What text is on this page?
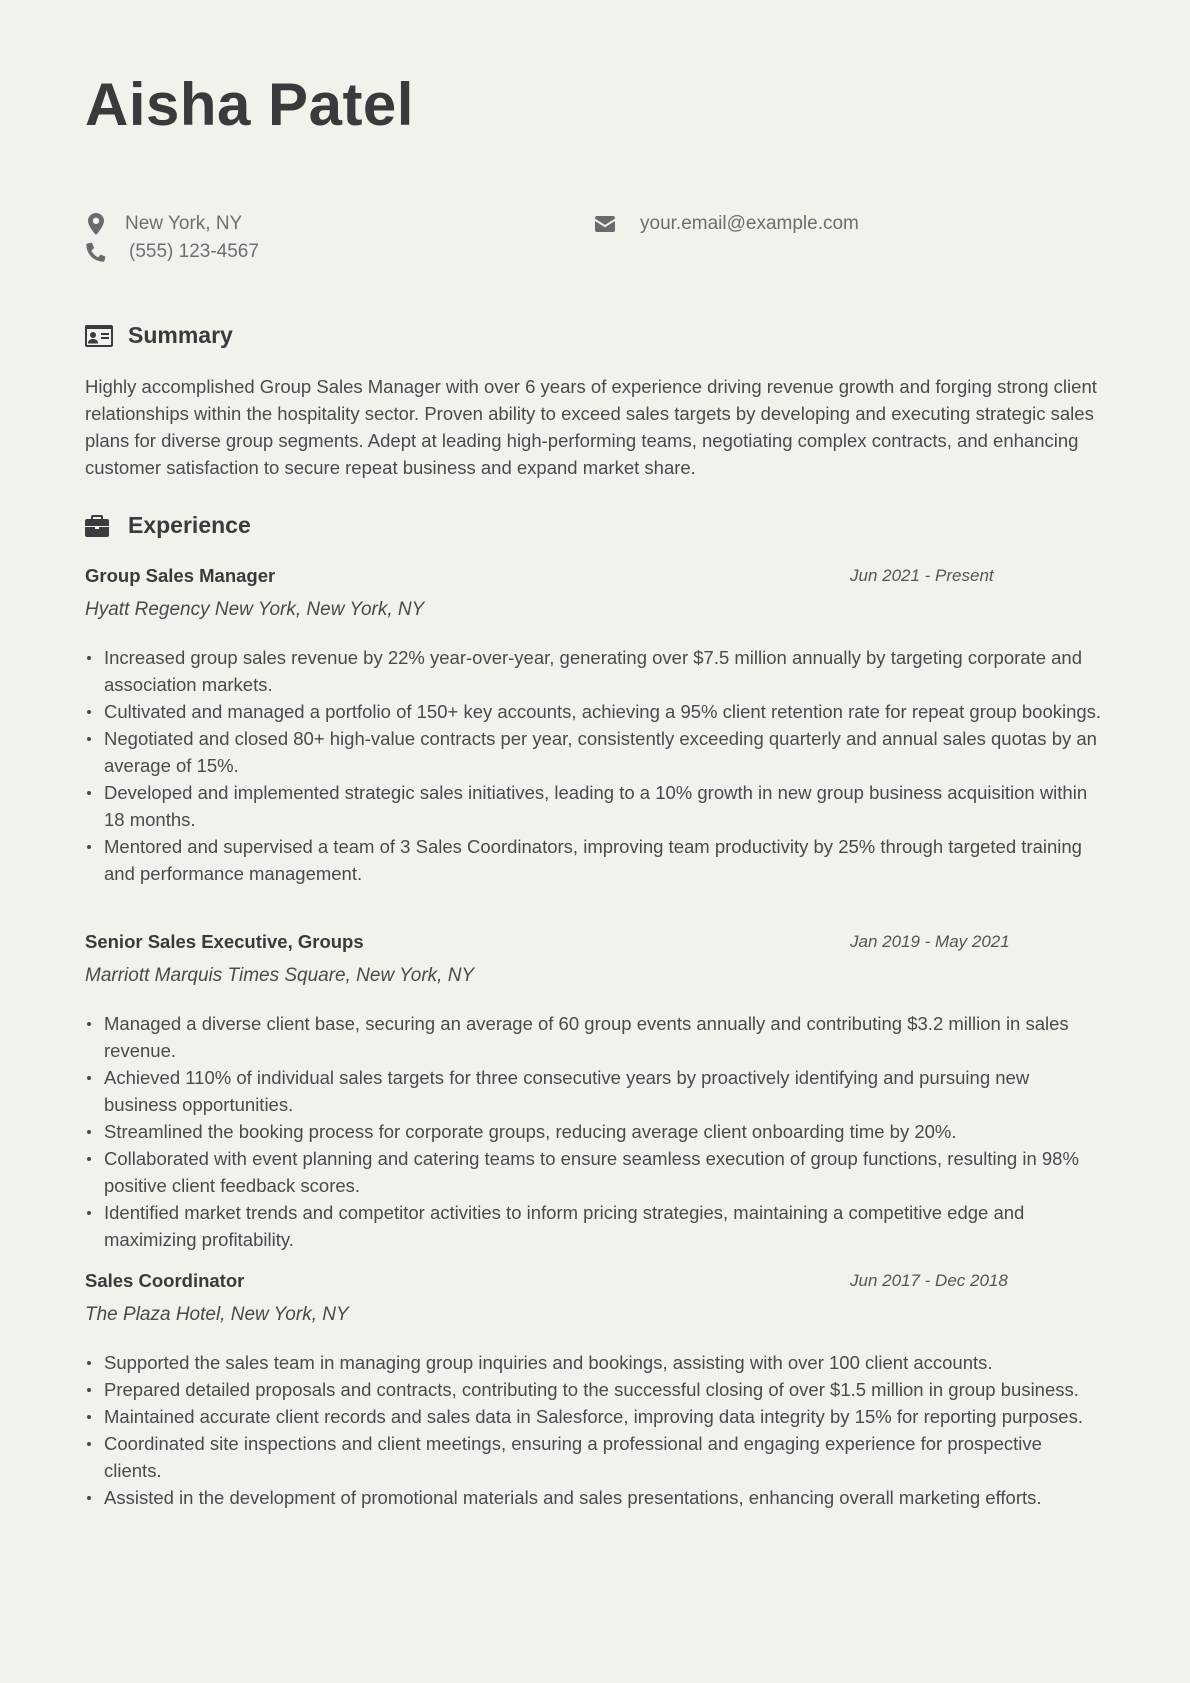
Aisha Patel
New York, NY
(555) 123-4567
your.email@example.com
Summary

Highly accomplished Group Sales Manager with over 6 years of experience driving revenue growth and forging strong client relationships within the hospitality sector. Proven ability to exceed sales targets by developing and executing strategic sales plans for diverse group segments. Adept at leading high-performing teams, negotiating complex contracts, and enhancing customer satisfaction to secure repeat business and expand market share.

Experience
Group Sales Manager	Jun 2021 - Present
Hyatt Regency New York, New York, NY
Increased group sales revenue by 22% year-over-year, generating over $7.5 million annually by targeting corporate and association markets.
Cultivated and managed a portfolio of 150+ key accounts, achieving a 95% client retention rate for repeat group bookings.
Negotiated and closed 80+ high-value contracts per year, consistently exceeding quarterly and annual sales quotas by an average of 15%.
Developed and implemented strategic sales initiatives, leading to a 10% growth in new group business acquisition within 18 months.
Mentored and supervised a team of 3 Sales Coordinators, improving team productivity by 25% through targeted training and performance management.
Senior Sales Executive, Groups	Jan 2019 - May 2021
Marriott Marquis Times Square, New York, NY
Managed a diverse client base, securing an average of 60 group events annually and contributing $3.2 million in sales revenue.
Achieved 110% of individual sales targets for three consecutive years by proactively identifying and pursuing new business opportunities.
Streamlined the booking process for corporate groups, reducing average client onboarding time by 20%.
Collaborated with event planning and catering teams to ensure seamless execution of group functions, resulting in 98% positive client feedback scores.
Identified market trends and competitor activities to inform pricing strategies, maintaining a competitive edge and maximizing profitability.
Sales Coordinator	Jun 2017 - Dec 2018
The Plaza Hotel, New York, NY
Supported the sales team in managing group inquiries and bookings, assisting with over 100 client accounts.
Prepared detailed proposals and contracts, contributing to the successful closing of over $1.5 million in group business.
Maintained accurate client records and sales data in Salesforce, improving data integrity by 15% for reporting purposes.
Coordinated site inspections and client meetings, ensuring a professional and engaging experience for prospective clients.
Assisted in the development of promotional materials and sales presentations, enhancing overall marketing efforts.
